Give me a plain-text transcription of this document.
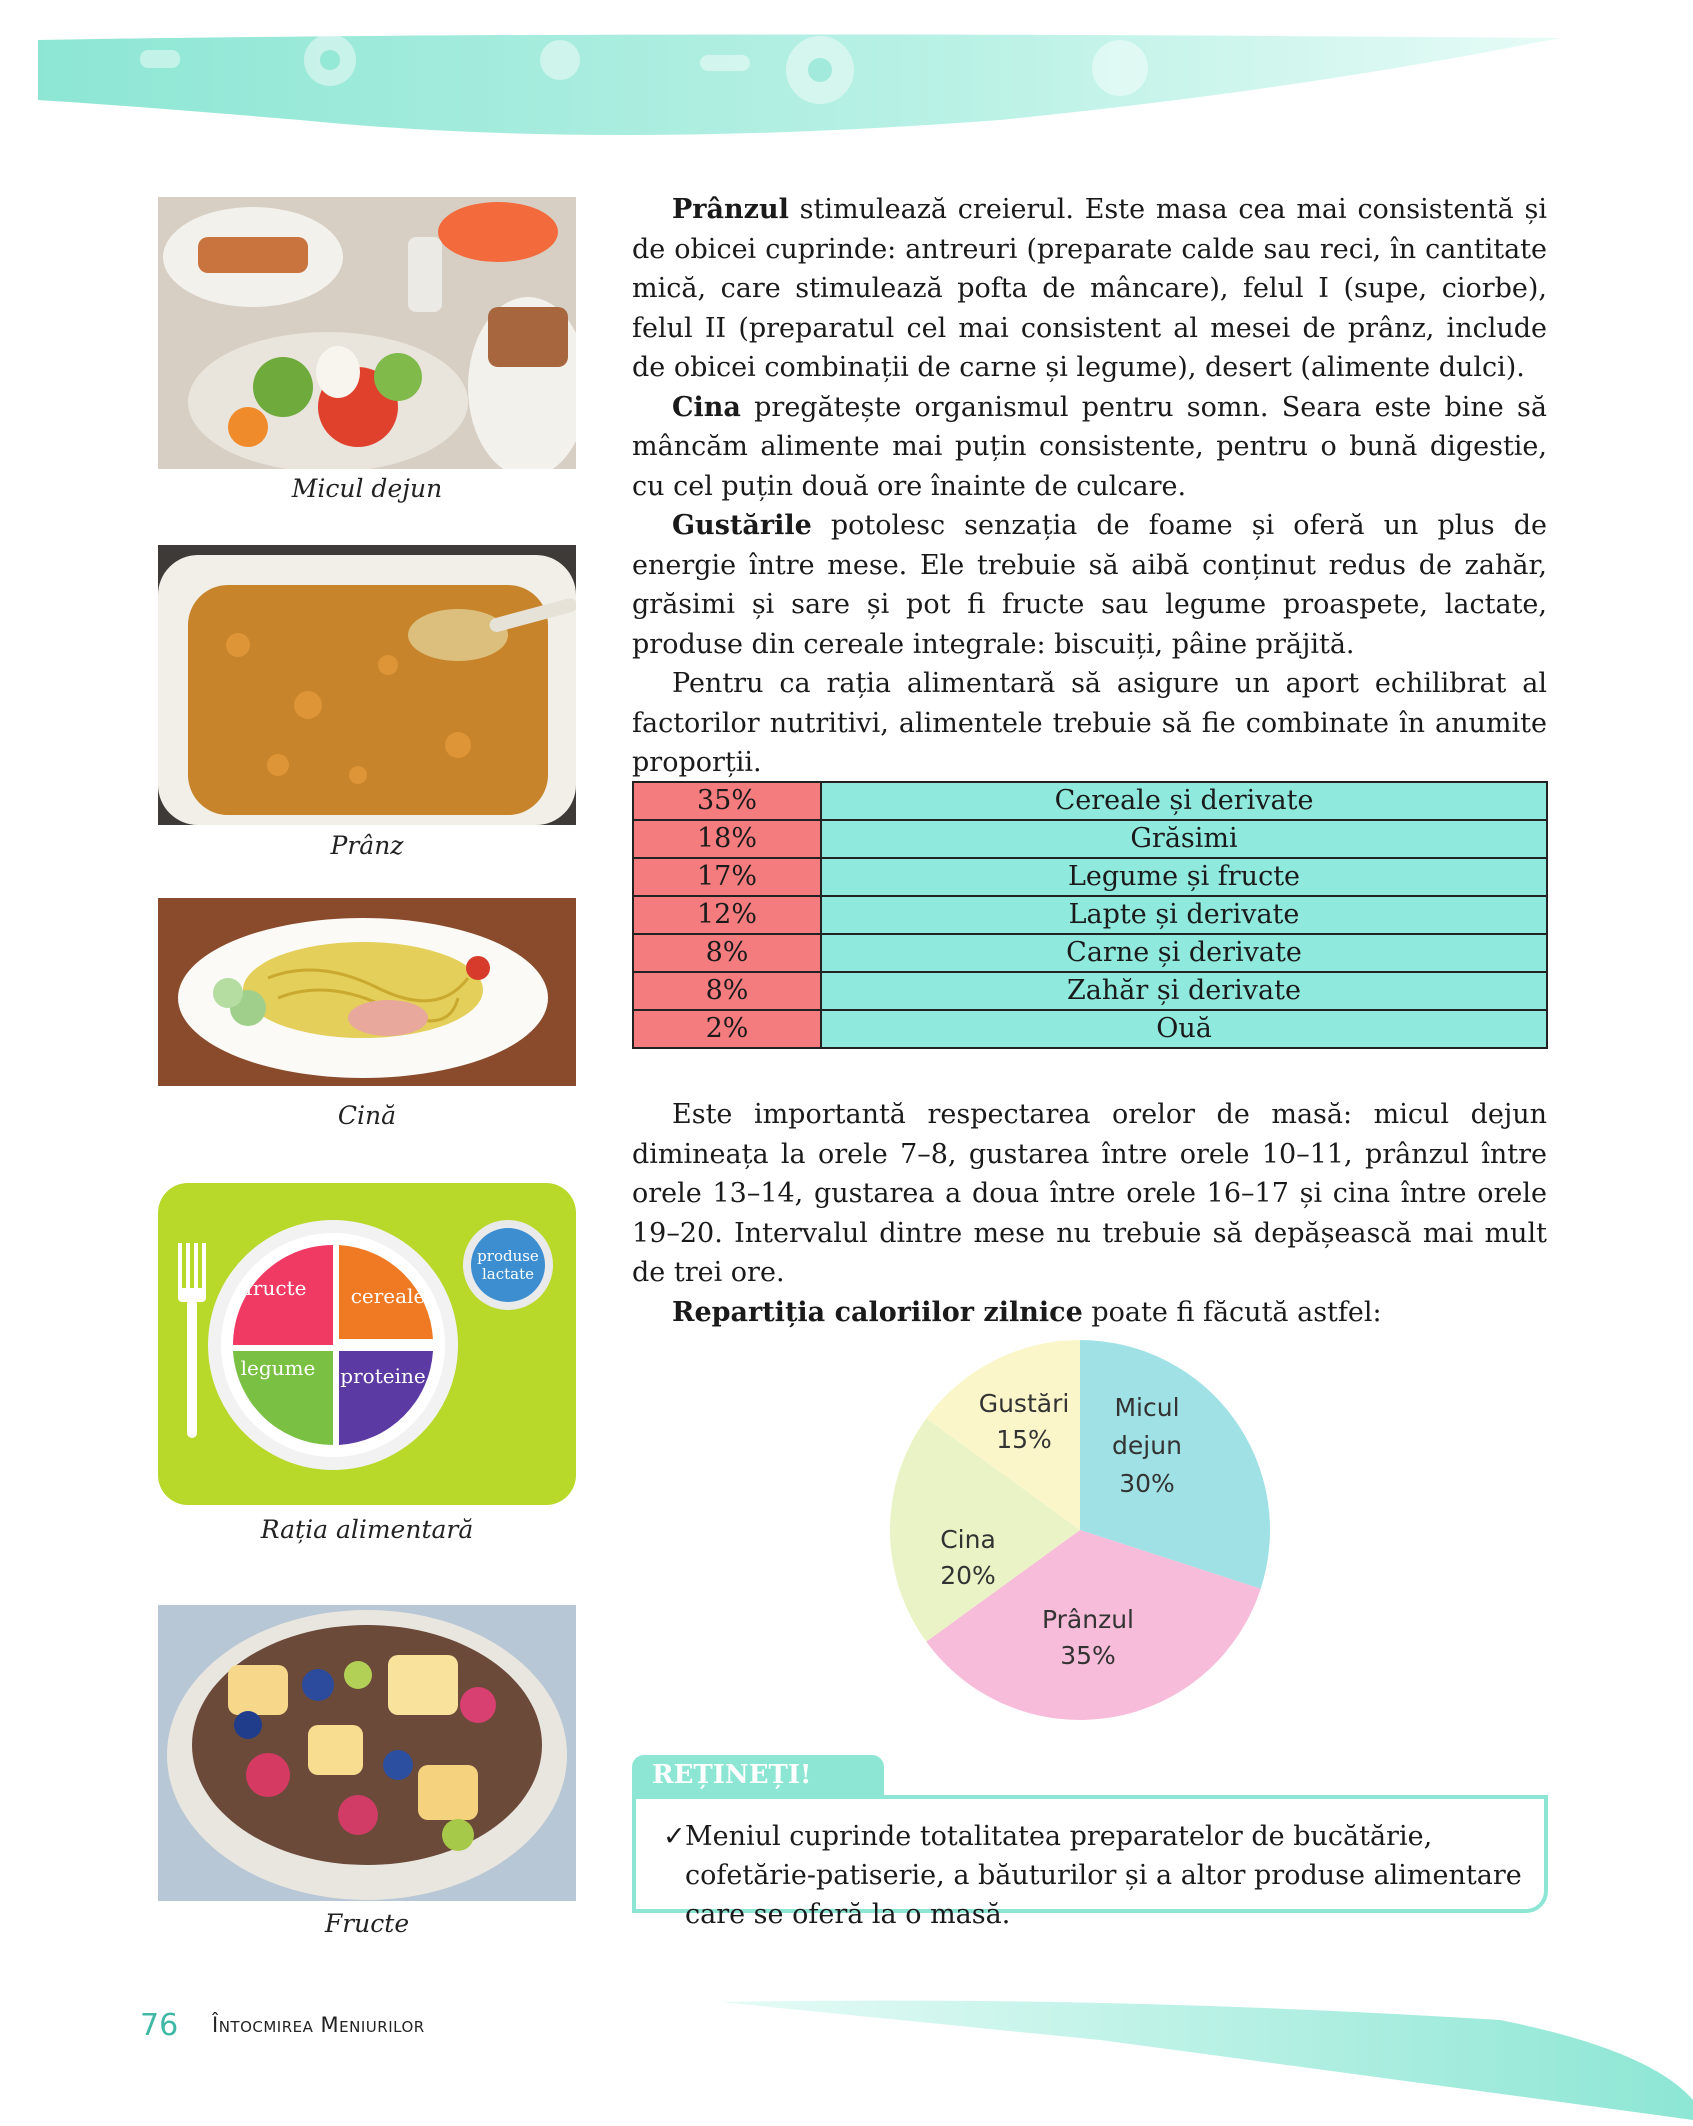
Micul dejun
Prânz
Cină
fructe cereale
legume proteine
produse
lactate
Rația alimentară
Fructe

Prânzul stimulează creierul. Este masa cea mai consistentă și de obicei cuprinde: antreuri (preparate calde sau reci, în cantitate mică, care stimulează pofta de mâncare), felul I (supe, ciorbe), felul II (preparatul cel mai consistent al mesei de prânz, include de obicei combinații de carne și legume), desert (alimente dulci).

Cina pregătește organismul pentru somn. Seara este bine să mâncăm alimente mai puțin consistente, pentru o bună digestie, cu cel puțin două ore înainte de culcare.

Gustările potolesc senzația de foame și oferă un plus de energie între mese. Ele trebuie să aibă conținut redus de zahăr, grăsimi și sare și pot fi fructe sau legume proaspete, lactate, produse din cereale integrale: biscuiți, pâine prăjită.

Pentru ca rația alimentară să asigure un aport echilibrat al factorilor nutritivi, alimentele trebuie să fie combinate în anumite proporții.

35%	Cereale și derivate
18%	Grăsimi
17%	Legume și fructe
12%	Lapte și derivate
8%	Carne și derivate
8%	Zahăr și derivate
2%	Ouă

Este importantă respectarea orelor de masă: micul dejun dimineața la orele 7–8, gustarea între orele 10–11, prânzul între orele 13–14, gustarea a doua între orele 16–17 și cina între orele 19–20. Intervalul dintre mese nu trebuie să depășească mai mult de trei ore.

Repartiția caloriilor zilnice poate fi făcută astfel:

Micul
dejun
30%
Prânzul
35%
Cina
20%
Gustări
15%
REȚINEȚI!
✓ Meniul cuprinde totalitatea preparatelor de bucătărie, cofetărie-patiserie, a băuturilor și a altor produse alimentare care se oferă la o masă.
76 Întocmirea Meniurilor
